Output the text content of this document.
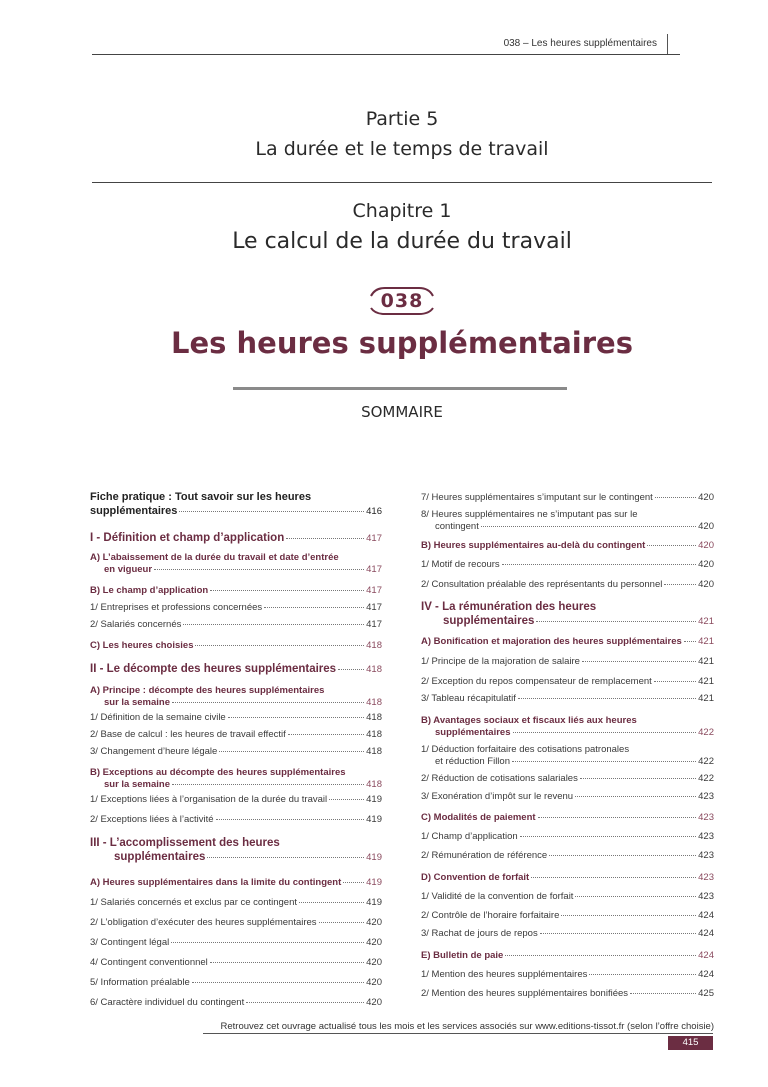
038 – Les heures supplémentaires
Partie 5
La durée et le temps de travail
Chapitre 1
Le calcul de la durée du travail
038
Les heures supplémentaires
SOMMAIRE
Fiche pratique : Tout savoir sur les heures
supplémentaires	416
I - Définition et champ d’application	417
A) L’abaissement de la durée du travail et date d’entrée
en vigueur	417
B) Le champ d’application	417
1/ Entreprises et professions concernées	417
2/ Salariés concernés	417
C) Les heures choisies	418
II - Le décompte des heures supplémentaires	418
A) Principe : décompte des heures supplémentaires
sur la semaine	418
1/ Définition de la semaine civile	418
2/ Base de calcul : les heures de travail effectif	418
3/ Changement d’heure légale	418
B) Exceptions au décompte des heures supplémentaires
sur la semaine	418
1/ Exceptions liées à l’organisation de la durée du travail	419
2/ Exceptions liées à l’activité	419
III - L’accomplissement des heures
supplémentaires	419
A) Heures supplémentaires dans la limite du contingent	419
1/ Salariés concernés et exclus par ce contingent	419
2/ L’obligation d’exécuter des heures supplémentaires	420
3/ Contingent légal	420
4/ Contingent conventionnel	420
5/ Information préalable	420
6/ Caractère individuel du contingent	420
7/ Heures supplémentaires s’imputant sur le contingent	420
8/ Heures supplémentaires ne s’imputant pas sur le
contingent	420
B) Heures supplémentaires au-delà du contingent	420
1/ Motif de recours	420
2/ Consultation préalable des représentants du personnel	420
IV - La rémunération des heures
supplémentaires	421
A) Bonification et majoration des heures supplémentaires 421
1/ Principe de la majoration de salaire	421
2/ Exception du repos compensateur de remplacement	421
3/ Tableau récapitulatif	421
B) Avantages sociaux et fiscaux liés aux heures
supplémentaires	422
1/ Déduction forfaitaire des cotisations patronales
et réduction Fillon	422
2/ Réduction de cotisations salariales	422
3/ Exonération d’impôt sur le revenu	423
C) Modalités de paiement	423
1/ Champ d’application	423
2/ Rémunération de référence	423
D) Convention de forfait	423
1/ Validité de la convention de forfait	423
2/ Contrôle de l’horaire forfaitaire	424
3/ Rachat de jours de repos	424
E) Bulletin de paie	424
1/ Mention des heures supplémentaires	424
2/ Mention des heures supplémentaires bonifiées	425
Retrouvez cet ouvrage actualisé tous les mois et les services associés sur www.editions-tissot.fr (selon l’offre choisie)
415
